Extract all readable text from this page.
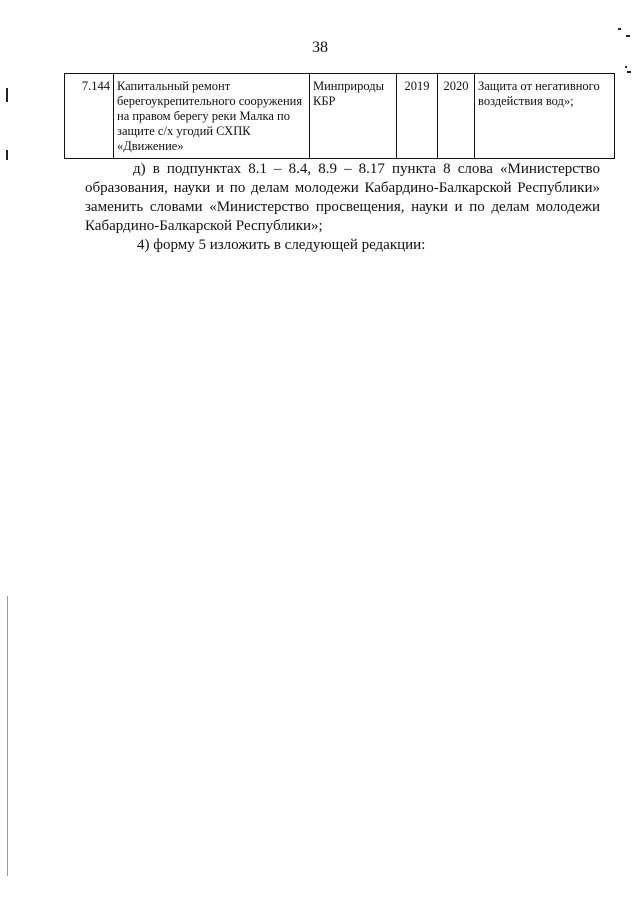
38
7.144	Капитальный ремонт берегоукрепительного сооружения на правом берегу реки Малка по защите с/х угодий СХПК «Движение»	Минприроды КБР	2019	2020	Защита от негативного воздействия вод»;
д) в подпунктах 8.1 – 8.4, 8.9 – 8.17 пункта 8 слова «Министерство образования, науки и по делам молодежи Кабардино-Балкарской Республики» заменить словами «Министерство просвещения, науки и по делам молодежи Кабардино-Балкарской Республики»;
4) форму 5 изложить в следующей редакции:
